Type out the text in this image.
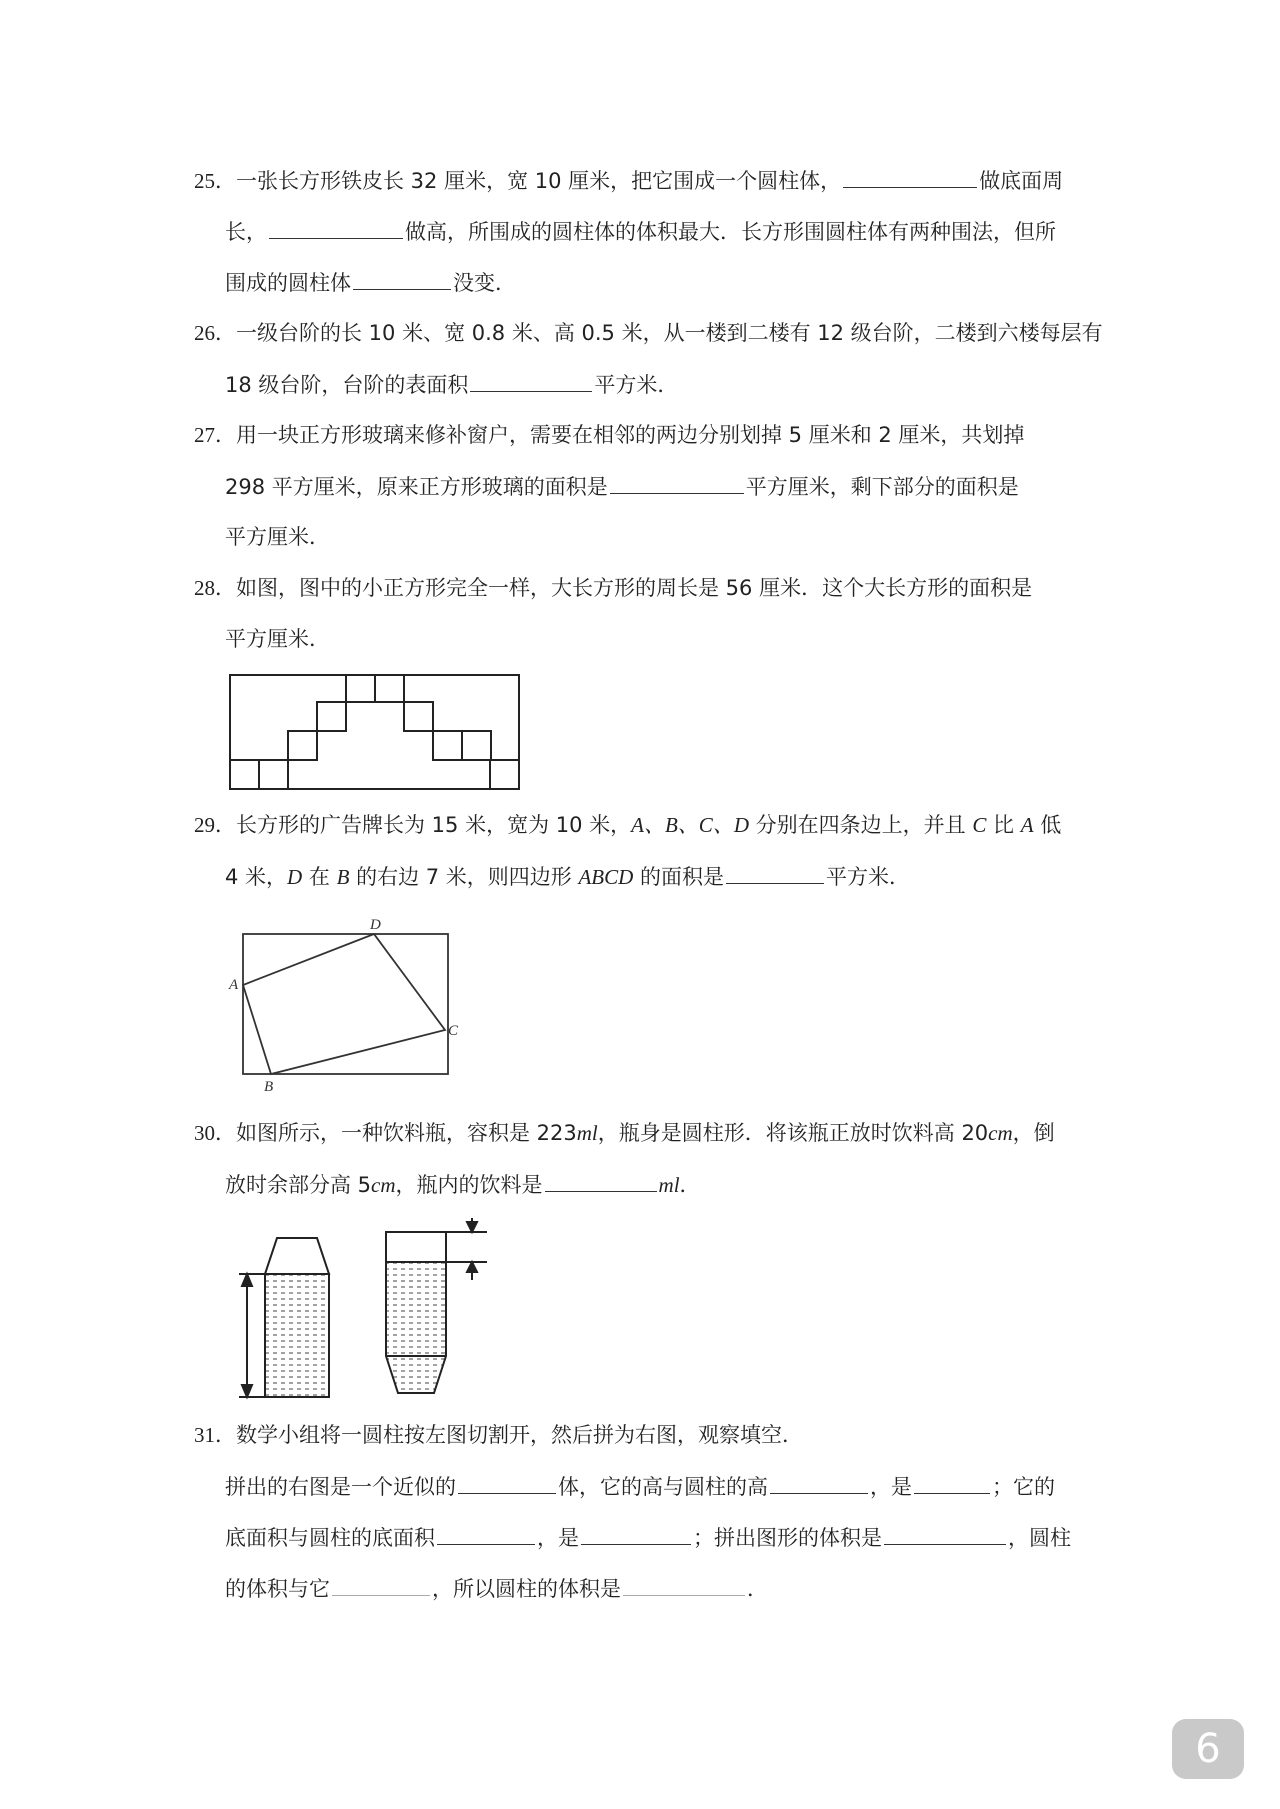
25．一张长方形铁皮长 32 厘米，宽 10 厘米，把它围成一个圆柱体，	做底面周
长，	做高，所围成的圆柱体的体积最大．长方形围圆柱体有两种围法，但所
围成的圆柱体	没变．
26．一级台阶的长 10 米、宽 0.8 米、高 0.5 米，从一楼到二楼有 12 级台阶，二楼到六楼每层有
18 级台阶，台阶的表面积	平方米．
27．用一块正方形玻璃来修补窗户，需要在相邻的两边分别划掉 5 厘米和 2 厘米，共划掉
298 平方厘米，原来正方形玻璃的面积是	平方厘米，剩下部分的面积是
平方厘米．
28．如图，图中的小正方形完全一样，大长方形的周长是 56 厘米．这个大长方形的面积是
平方厘米．
29．长方形的广告牌长为 15 米，宽为 10 米，A、B、C、D 分别在四条边上，并且 C 比 A 低
4 米，D 在 B 的右边 7 米，则四边形 ABCD 的面积是	平方米．
A
B
C
D
30．如图所示，一种饮料瓶，容积是 223ml，瓶身是圆柱形．将该瓶正放时饮料高 20cm，倒
放时余部分高 5cm，瓶内的饮料是	ml．
31．数学小组将一圆柱按左图切割开，然后拼为右图，观察填空．
拼出的右图是一个近似的	体，它的高与圆柱的高	，是	；它的
底面积与圆柱的底面积	，是	；拼出图形的体积是	，圆柱
的体积与它	，所以圆柱的体积是	．
6
